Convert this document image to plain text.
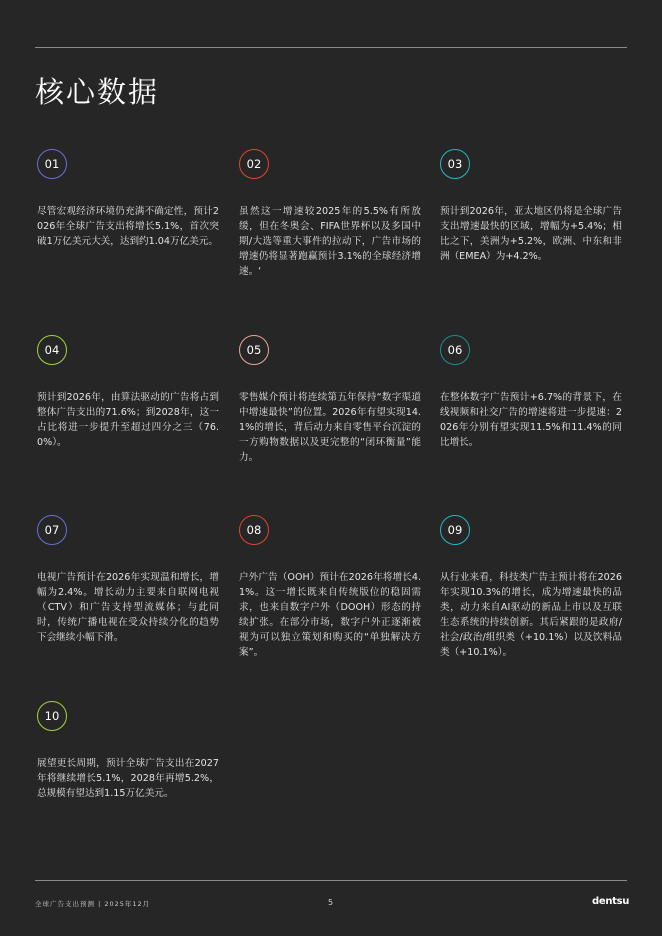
核心数据
01

尽管宏观经济环境仍充满不确定性，预计2026年全球广告支出将增长5.1%，首次突破1万亿美元大关，达到约1.04万亿美元。

02

虽然这一增速较2025年的5.5%有所放缓，但在冬奥会、FIFA世界杯以及多国中期/大选等重大事件的拉动下，广告市场的增速仍将显著跑赢预计3.1%的全球经济增速。‘

03

预计到2026年，亚太地区仍将是全球广告支出增速最快的区域，增幅为+5.4%；相比之下，美洲为+5.2%，欧洲、中东和非洲（EMEA）为+4.2%。

04

预计到2026年，由算法驱动的广告将占到整体广告支出的71.6%；到2028年，这一占比将进一步提升至超过四分之三（76.0%）。

05

零售媒介预计将连续第五年保持“数字渠道中增速最快”的位置。2026年有望实现14.1%的增长，背后动力来自零售平台沉淀的一方购物数据以及更完整的“闭环衡量”能力。

06

在整体数字广告预计+6.7%的背景下，在线视频和社交广告的增速将进一步提速：2026年分别有望实现11.5%和11.4%的同比增长。

07

电视广告预计在2026年实现温和增长，增幅为2.4%。增长动力主要来自联网电视（CTV）和广告支持型流媒体；与此同时，传统广播电视在受众持续分化的趋势下会继续小幅下滑。

08

户外广告（OOH）预计在2026年将增长4.1%。这一增长既来自传统版位的稳固需求，也来自数字户外（DOOH）形态的持续扩张。在部分市场，数字户外正逐渐被视为可以独立策划和购买的“单独解决方案”。

09

从行业来看，科技类广告主预计将在2026年实现10.3%的增长，成为增速最快的品类，动力来自AI驱动的新品上市以及互联生态系统的持续创新。其后紧跟的是政府/社会/政治/组织类（+10.1%）以及饮料品类（+10.1%）。

10

展望更长周期，预计全球广告支出在2027年将继续增长5.1%，2028年再增5.2%，总规模有望达到1.15万亿美元。

全球广告支出预测 | 2025年12月	5	dentsu
